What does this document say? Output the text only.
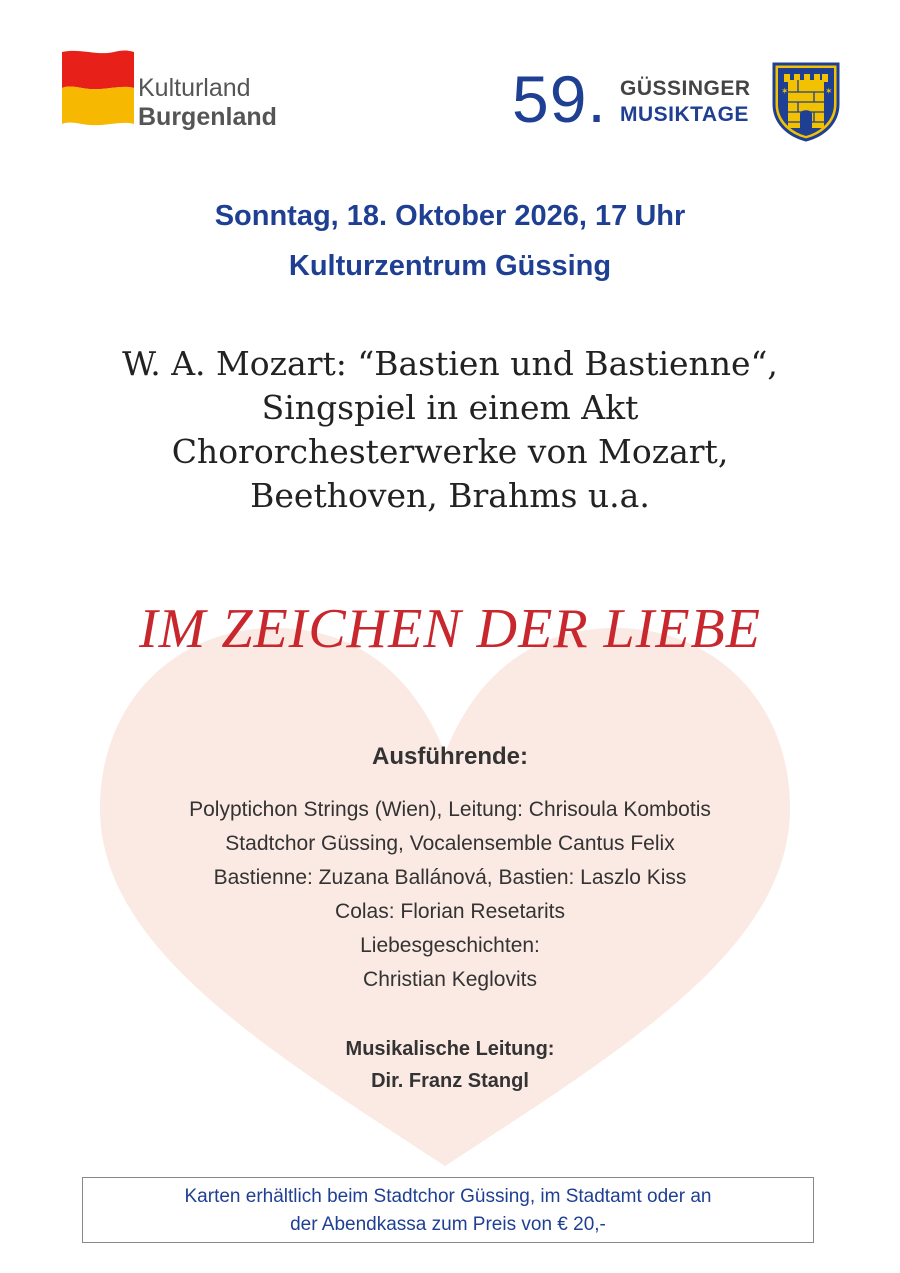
Kulturland
Burgenland	59. GÜSSINGER
MUSIKTAGE
✶	✶
Sonntag, 18. Oktober 2026, 17 Uhr
Kulturzentrum Güssing
W. A. Mozart: “Bastien und Bastienne“,
Singspiel in einem Akt
Chororchesterwerke von Mozart,
Beethoven, Brahms u.a.
IM ZEICHEN DER LIEBE
Ausführende:
Polyptichon Strings (Wien), Leitung: Chrisoula Kombotis
Stadtchor Güssing, Vocalensemble Cantus Felix
Bastienne: Zuzana Ballánová, Bastien: Laszlo Kiss
Colas: Florian Resetarits
Liebesgeschichten:
Christian Keglovits
Musikalische Leitung:
Dir. Franz Stangl
Karten erhältlich beim Stadtchor Güssing, im Stadtamt oder an
der Abendkassa zum Preis von € 20,-
